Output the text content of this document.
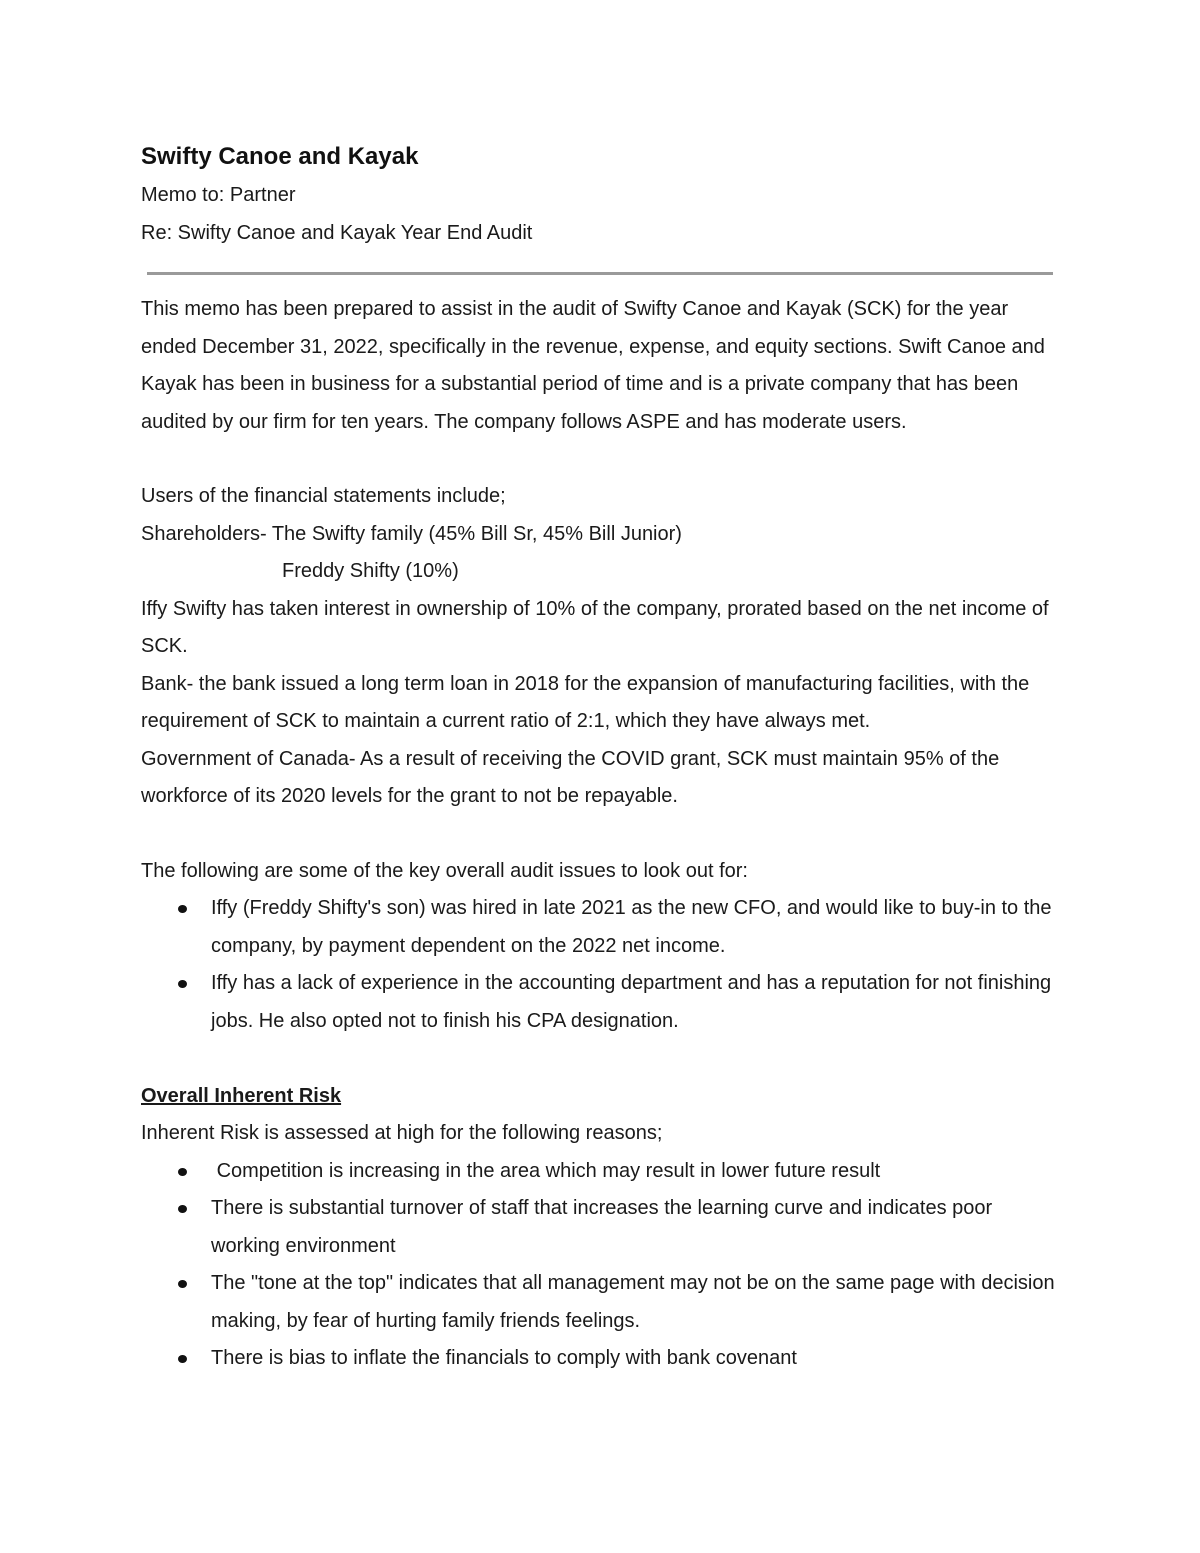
Swifty Canoe and Kayak

Memo to: Partner

Re: Swifty Canoe and Kayak Year End Audit

This memo has been prepared to assist in the audit of Swifty Canoe and Kayak (SCK) for the year ended December 31, 2022, specifically in the revenue, expense, and equity sections. Swift Canoe and Kayak has been in business for a substantial period of time and is a private company that has been audited by our firm for ten years. The company follows ASPE and has moderate users.

Users of the financial statements include;

Shareholders- The Swifty family (45% Bill Sr, 45% Bill Junior)

Freddy Shifty (10%)

Iffy Swifty has taken interest in ownership of 10% of the company, prorated based on the net income of SCK.

Bank- the bank issued a long term loan in 2018 for the expansion of manufacturing facilities, with the requirement of SCK to maintain a current ratio of 2:1, which they have always met.

Government of Canada- As a result of receiving the COVID grant, SCK must maintain 95% of the workforce of its 2020 levels for the grant to not be repayable.

The following are some of the key overall audit issues to look out for:

Iffy (Freddy Shifty's son) was hired in late 2021 as the new CFO, and would like to buy-in to the company, by payment dependent on the 2022 net income.
Iffy has a lack of experience in the accounting department and has a reputation for not finishing jobs. He also opted not to finish his CPA designation.

Overall Inherent Risk

Inherent Risk is assessed at high for the following reasons;

Competition is increasing in the area which may result in lower future result
There is substantial turnover of staff that increases the learning curve and indicates poor working environment
The "tone at the top" indicates that all management may not be on the same page with decision making, by fear of hurting family friends feelings.
There is bias to inflate the financials to comply with bank covenant
